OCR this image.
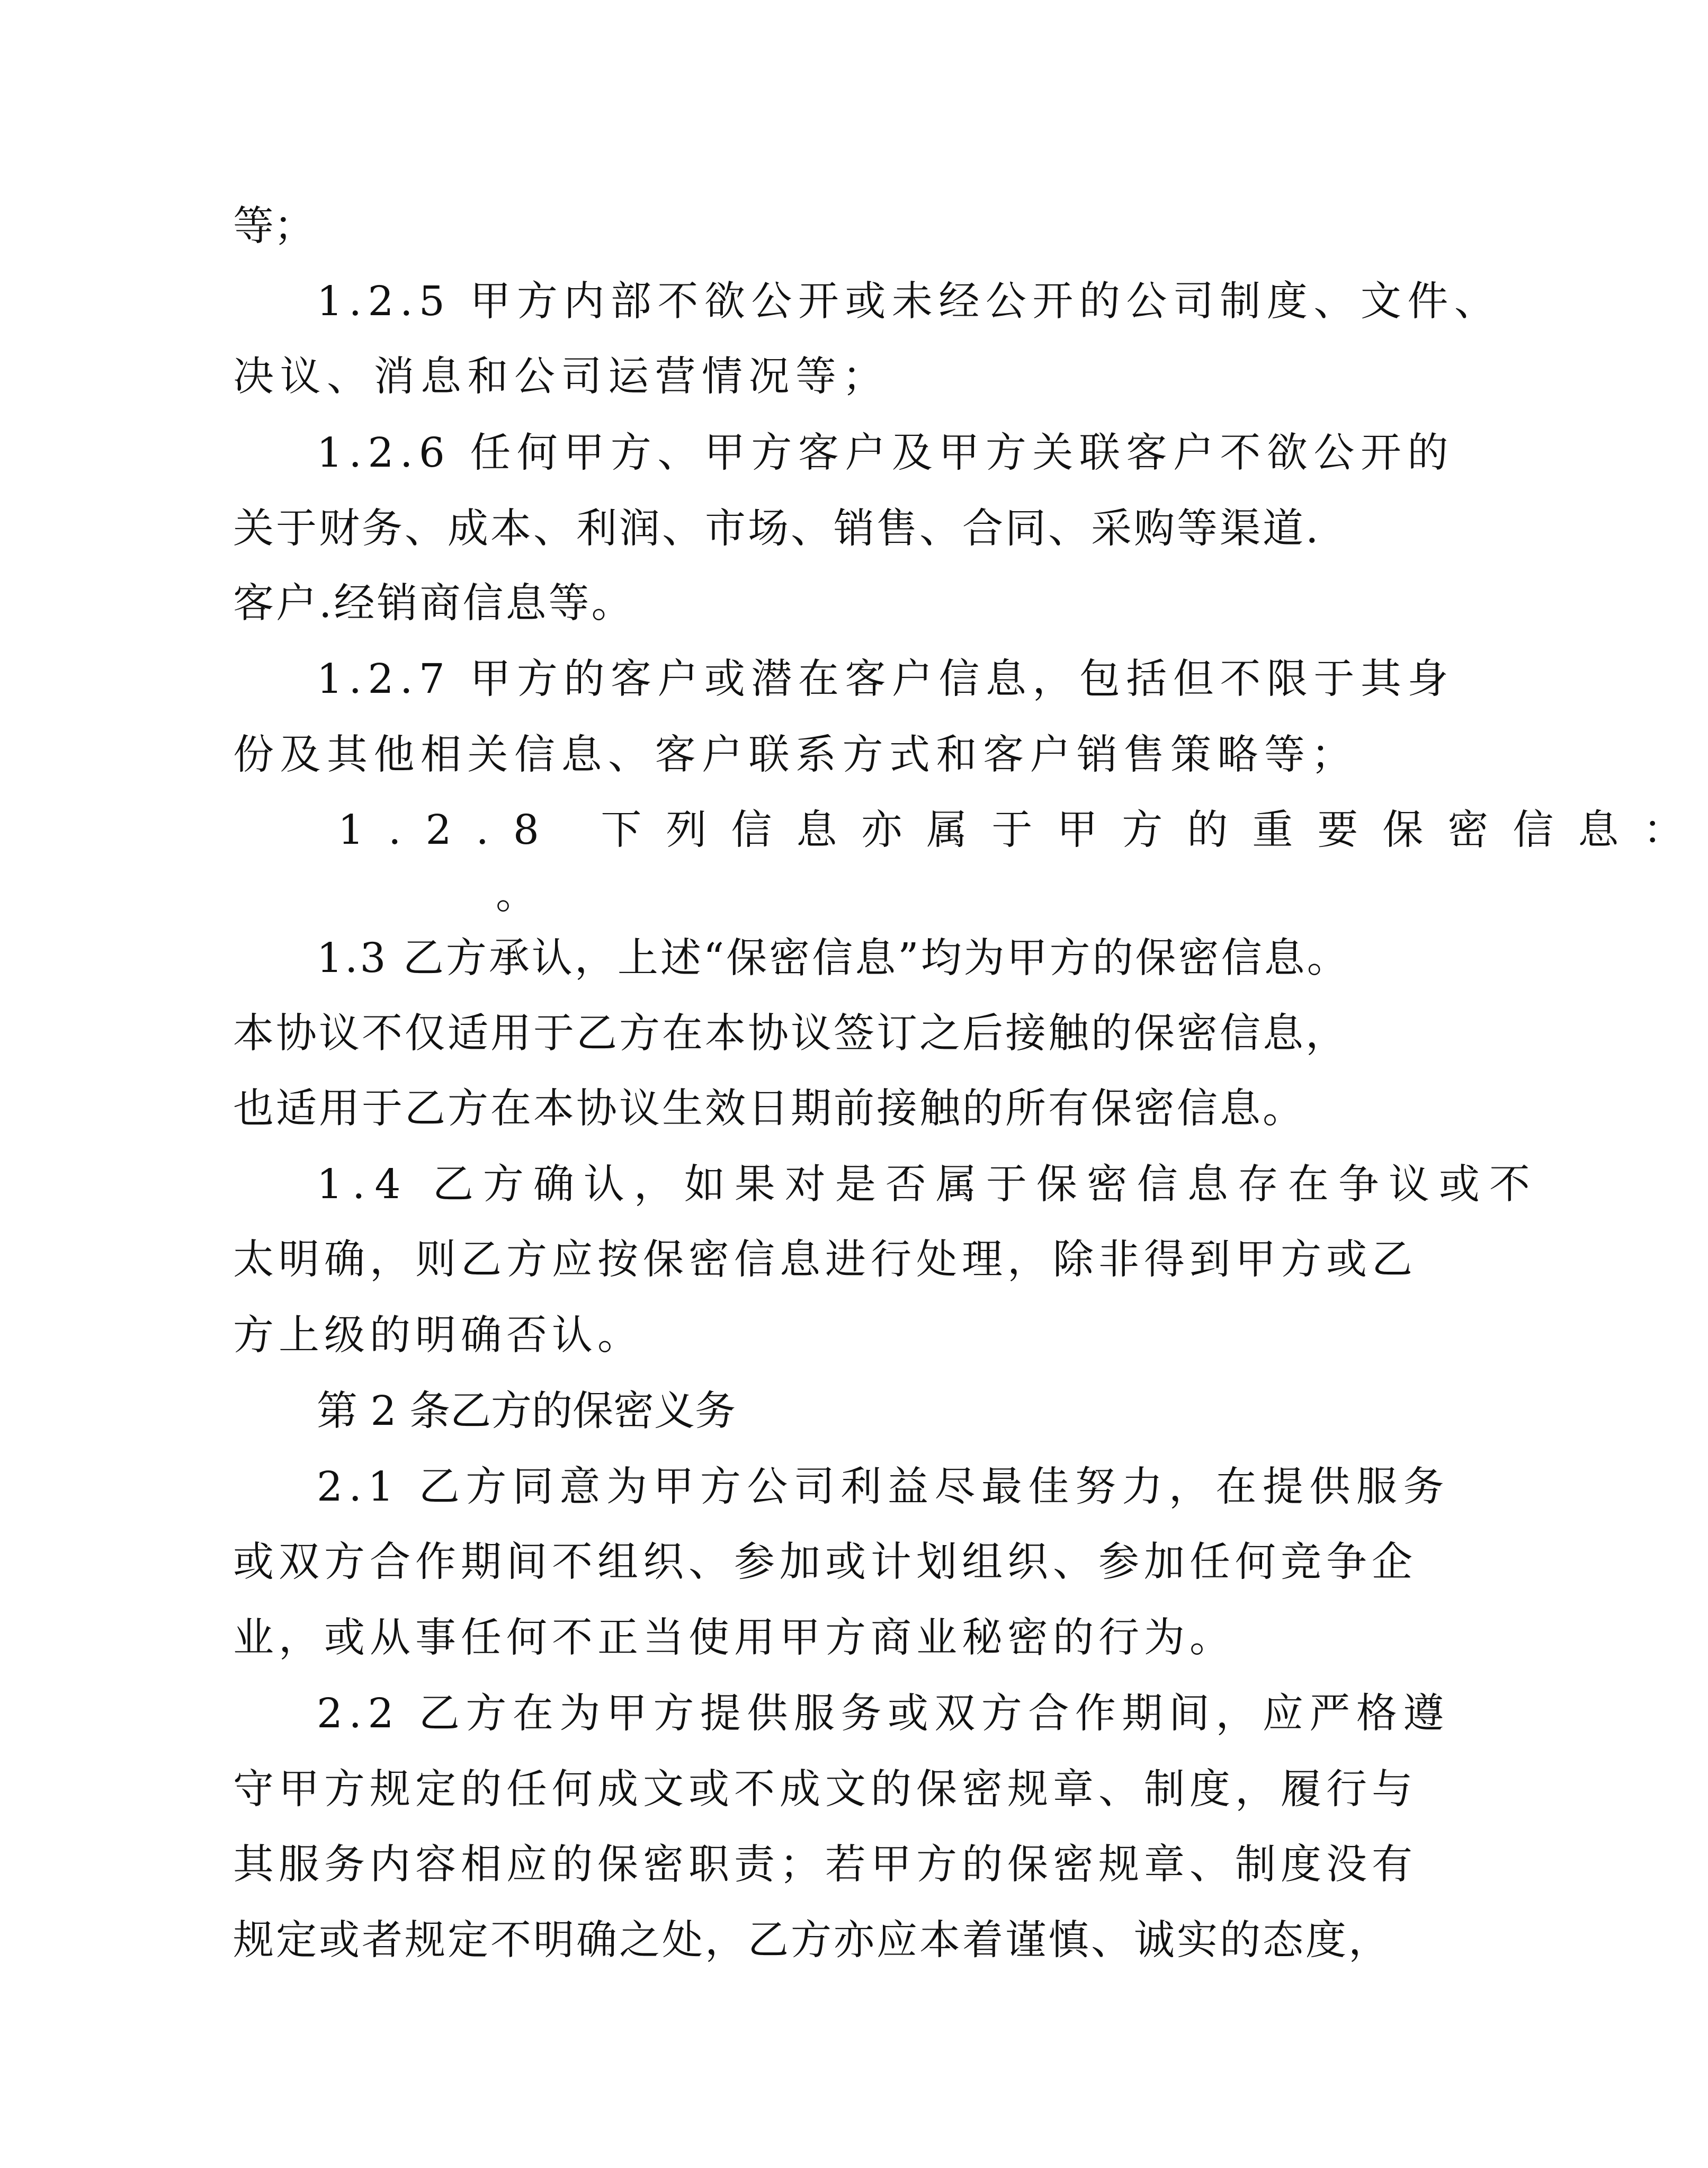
等；

1.2.5 甲方内部不欲公开或未经公开的公司制度、文件、

决议、消息和公司运营情况等；

1.2.6 任何甲方、甲方客户及甲方关联客户不欲公开的

关于财务、成本、利润、市场、销售、合同、采购等渠道.

客户.经销商信息等。

1.2.7 甲方的客户或潜在客户信息，包括但不限于其身

份及其他相关信息、客户联系方式和客户销售策略等；

1.2.8 下列信息亦属于甲方的重要保密信息：

。

1.3 乙方承认，上述“保密信息”均为甲方的保密信息。

本协议不仅适用于乙方在本协议签订之后接触的保密信息，

也适用于乙方在本协议生效日期前接触的所有保密信息。

1.4 乙方确认，如果对是否属于保密信息存在争议或不

太明确，则乙方应按保密信息进行处理，除非得到甲方或乙

方上级的明确否认。

第 2 条乙方的保密义务

2.1 乙方同意为甲方公司利益尽最佳努力，在提供服务

或双方合作期间不组织、参加或计划组织、参加任何竞争企

业，或从事任何不正当使用甲方商业秘密的行为。

2.2 乙方在为甲方提供服务或双方合作期间，应严格遵

守甲方规定的任何成文或不成文的保密规章、制度，履行与

其服务内容相应的保密职责；若甲方的保密规章、制度没有

规定或者规定不明确之处，乙方亦应本着谨慎、诚实的态度，
